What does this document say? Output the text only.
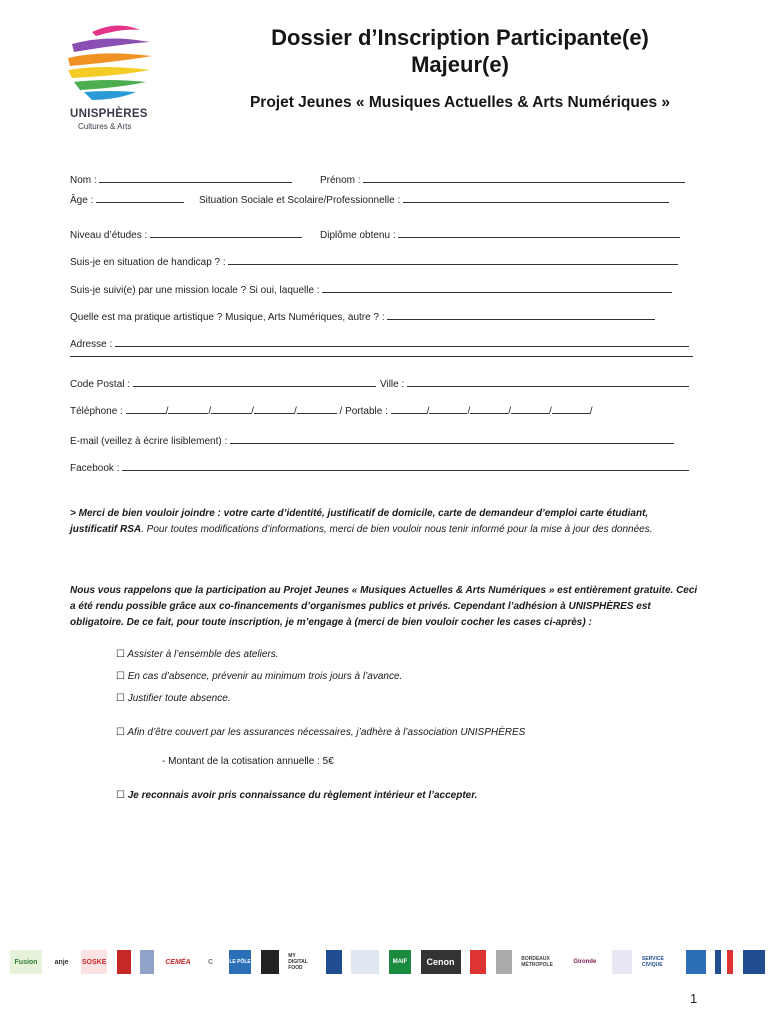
UNISPHÈRES
Cultures & Arts
Dossier d’Inscription Participante(e)
Majeur(e)
Projet Jeunes « Musiques Actuelles & Arts Numériques »
Nom :	Prénom :
Âge :	Situation Sociale et Scolaire/Professionnelle :
Niveau d’études :	Diplôme obtenu :
Suis-je en situation de handicap ? :
Suis-je suivi(e) par une mission locale ? Si oui, laquelle :
Quelle est ma pratique artistique ? Musique, Arts Numériques, autre ? :
Adresse :
Code Postal :	Ville :
Téléphone :	/	/	/	/	/ Portable :	/	/	/	/	/
E-mail (veillez à écrire lisiblement) :
Facebook :
> Merci de bien vouloir joindre : votre carte d’identité, justificatif de domicile, carte de demandeur d’emploi carte étudiant, justificatif RSA. Pour toutes modifications d’informations, merci de bien vouloir nous tenir informé pour la mise à jour des données.
Nous vous rappelons que la participation au Projet Jeunes « Musiques Actuelles & Arts Numériques » est entièrement gratuite. Ceci a été rendu possible grâce aux co-financements d’organismes publics et privés. Cependant l’adhésion à UNISPHÈRES est obligatoire. De ce fait, pour toute inscription, je m’engage à (merci de bien vouloir cocher les cases ci-après) :
☐ Assister à l’ensemble des ateliers.
☐ En cas d’absence, prévenir au minimum trois jours à l’avance.
☐ Justifier toute absence.
☐ Afin d’être couvert par les assurances nécessaires, j’adhère à l’association UNISPHÈRES
- Montant de la cotisation annuelle : 5€
☐ Je reconnais avoir pris connaissance du règlement intérieur et l’accepter.
Fusion	anje	SOSKE	CEMÉA	C	LE PÔLE
MY DIGITAL FOOD
MAIF	Cenon	BORDEAUX MÉTROPOLE	Gironde	SERVICE CIVIQUE
1
